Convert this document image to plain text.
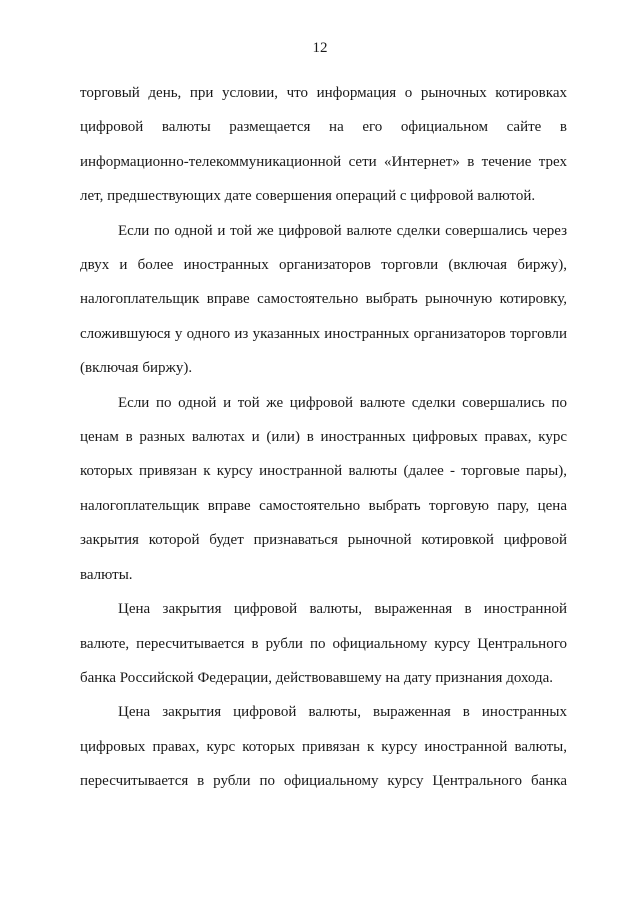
12

торговый день, при условии, что информация о рыночных котировках цифровой валюты размещается на его официальном сайте в информационно-телекоммуникационной сети «Интернет» в течение трех лет, предшествующих дате совершения операций с цифровой валютой.

Если по одной и той же цифровой валюте сделки совершались через двух и более иностранных организаторов торговли (включая биржу), налогоплательщик вправе самостоятельно выбрать рыночную котировку, сложившуюся у одного из указанных иностранных организаторов торговли (включая биржу).

Если по одной и той же цифровой валюте сделки совершались по ценам в разных валютах и (или) в иностранных цифровых правах, курс которых привязан к курсу иностранной валюты (далее - торговые пары), налогоплательщик вправе самостоятельно выбрать торговую пару, цена закрытия которой будет признаваться рыночной котировкой цифровой валюты.

Цена закрытия цифровой валюты, выраженная в иностранной валюте, пересчитывается в рубли по официальному курсу Центрального банка Российской Федерации, действовавшему на дату признания дохода.

Цена закрытия цифровой валюты, выраженная в иностранных цифровых правах, курс которых привязан к курсу иностранной валюты, пересчитывается в рубли по официальному курсу Центрального банка
